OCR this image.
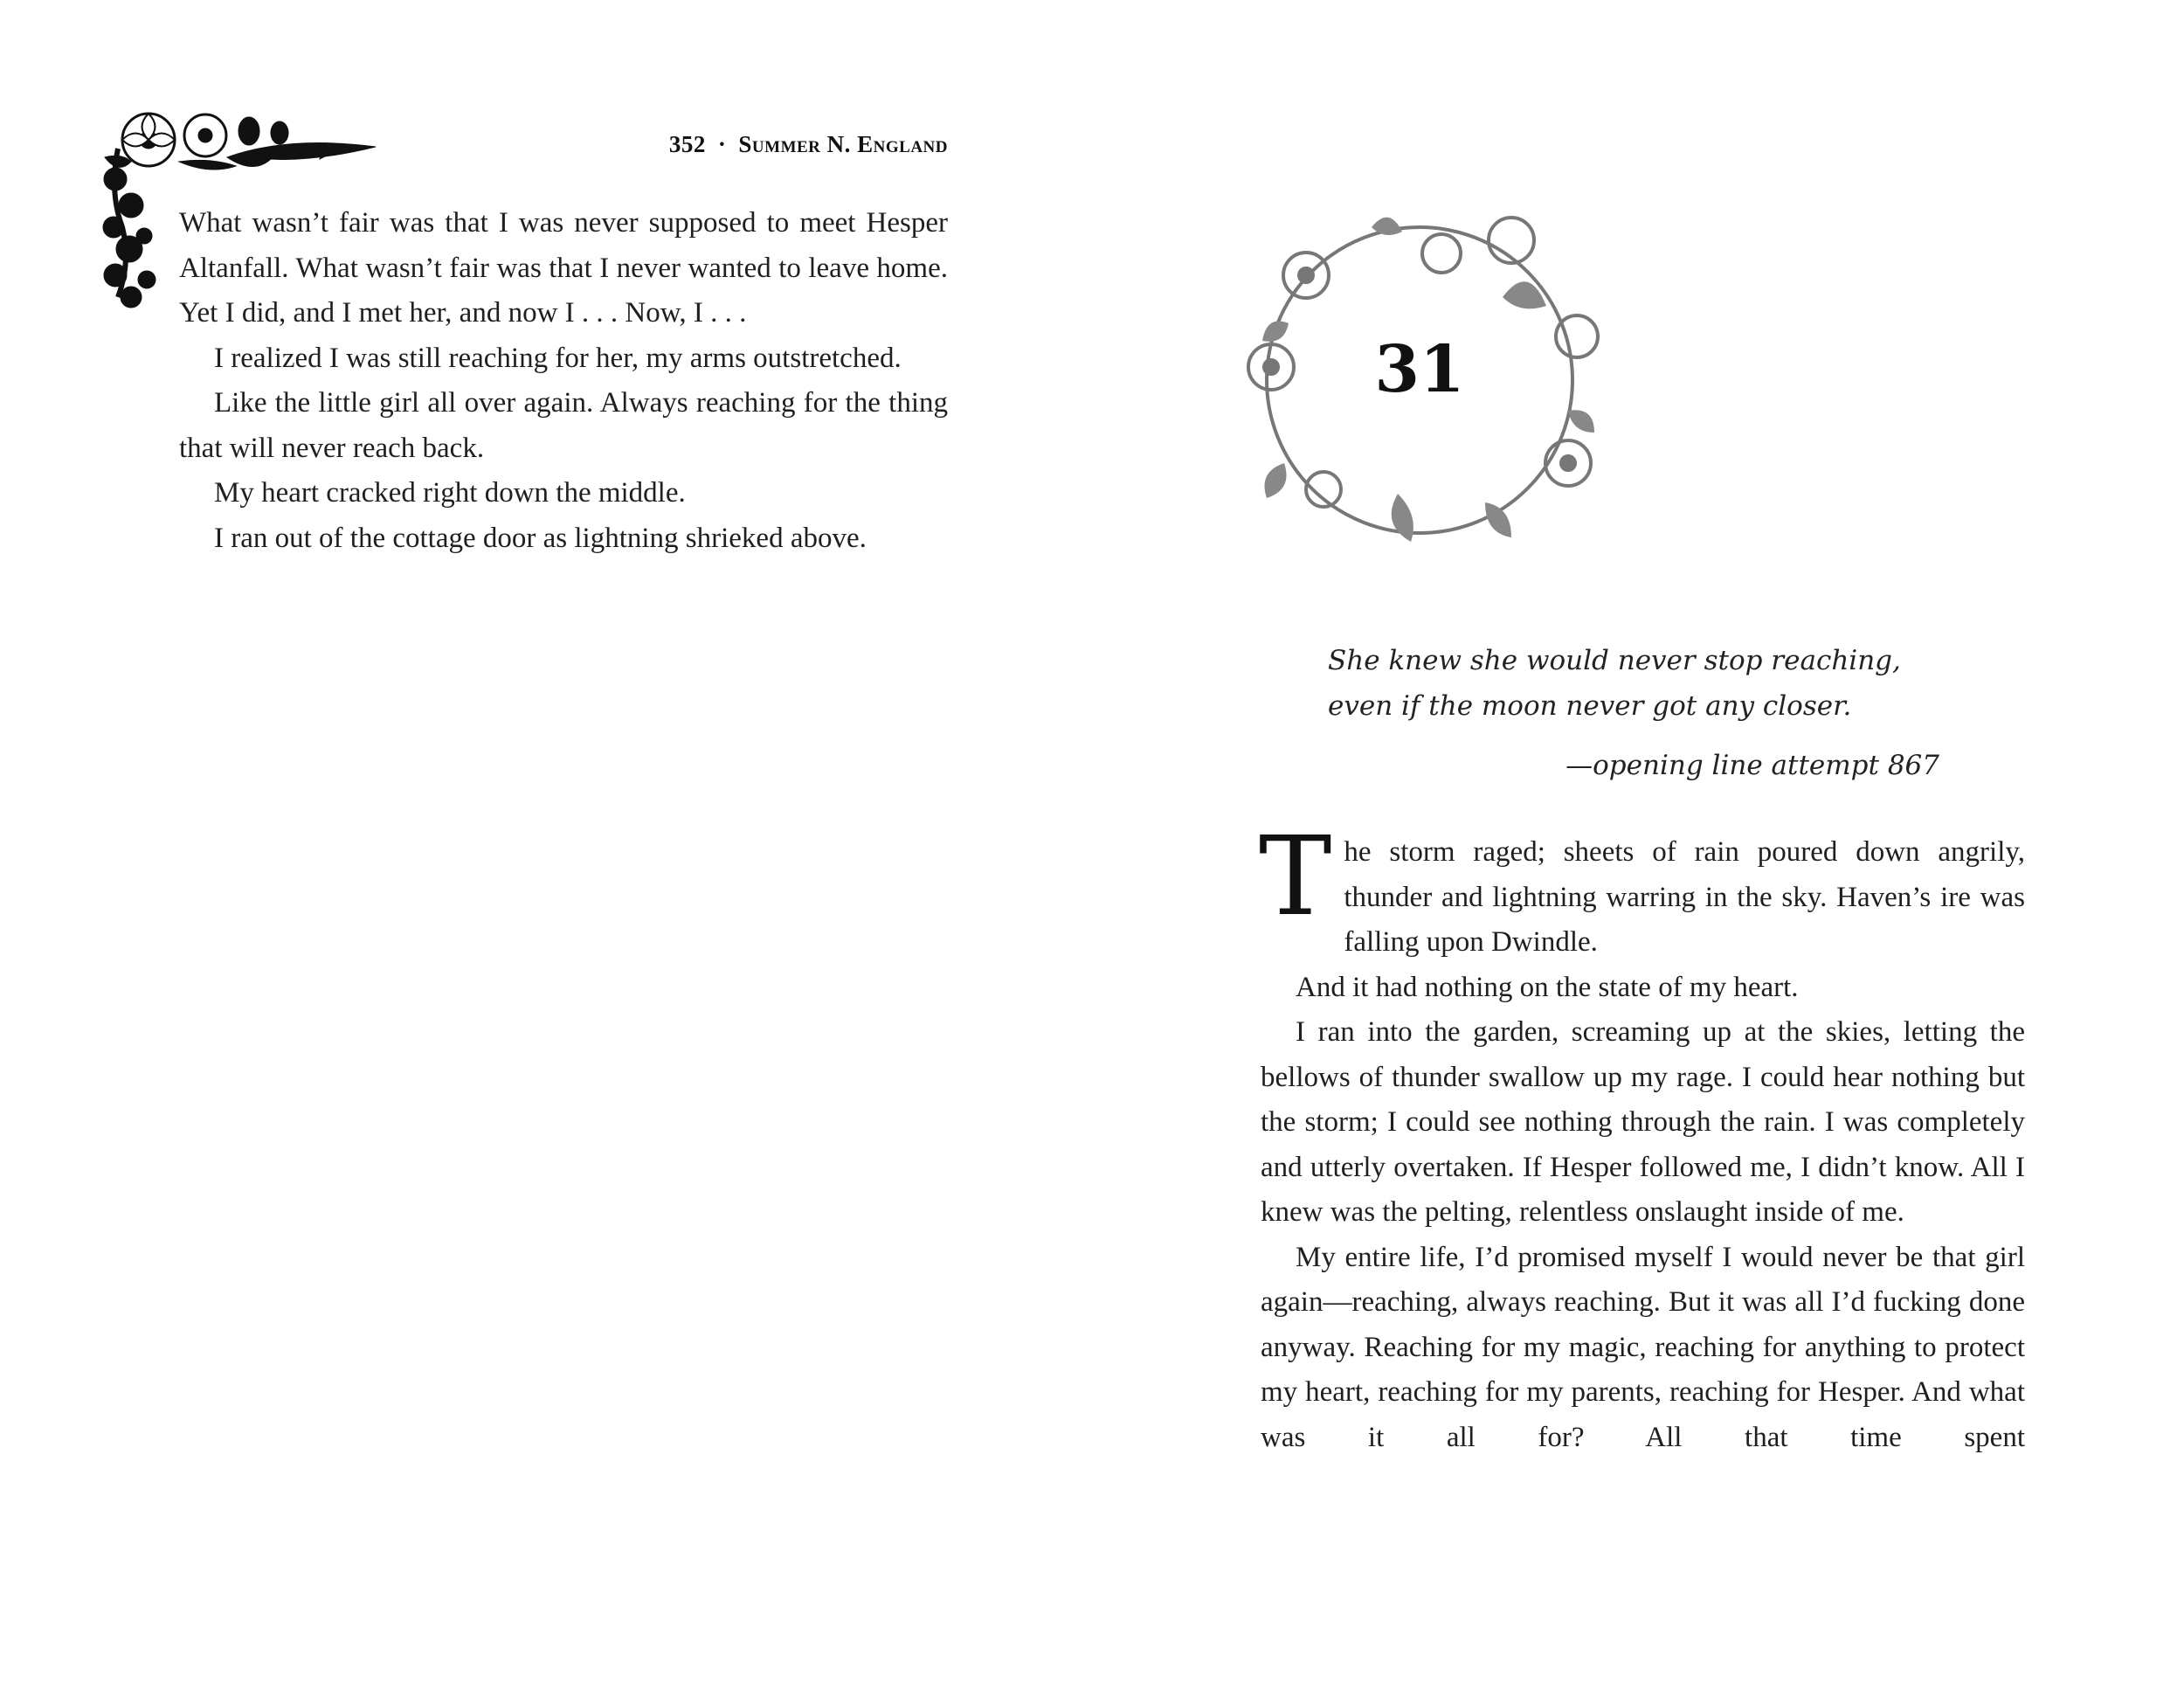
352 · Summer N. England

What wasn’t fair was that I was never supposed to meet Hesper Altanfall. What wasn’t fair was that I never wanted to leave home. Yet I did, and I met her, and now I . . . Now, I . . .

I realized I was still reaching for her, my arms outstretched.

Like the little girl all over again. Always reaching for the thing that will never reach back.

My heart cracked right down the middle.

I ran out of the cottage door as lightning shrieked above.

31
She knew she would never stop reaching, even if the moon never got any closer.
—opening line attempt 867

The storm raged; sheets of rain poured down angrily, thunder and lightning warring in the sky. Haven’s ire was falling upon Dwindle.

And it had nothing on the state of my heart.

I ran into the garden, screaming up at the skies, letting the bellows of thunder swallow up my rage. I could hear nothing but the storm; I could see nothing through the rain. I was completely and utterly overtaken. If Hesper followed me, I didn’t know. All I knew was the pelting, relentless onslaught inside of me.

My entire life, I’d promised myself I would never be that girl again—reaching, always reaching. But it was all I’d fucking done anyway. Reaching for my magic, reaching for anything to protect my heart, reaching for my parents, reaching for Hesper. And what was it all for? All that time spent
